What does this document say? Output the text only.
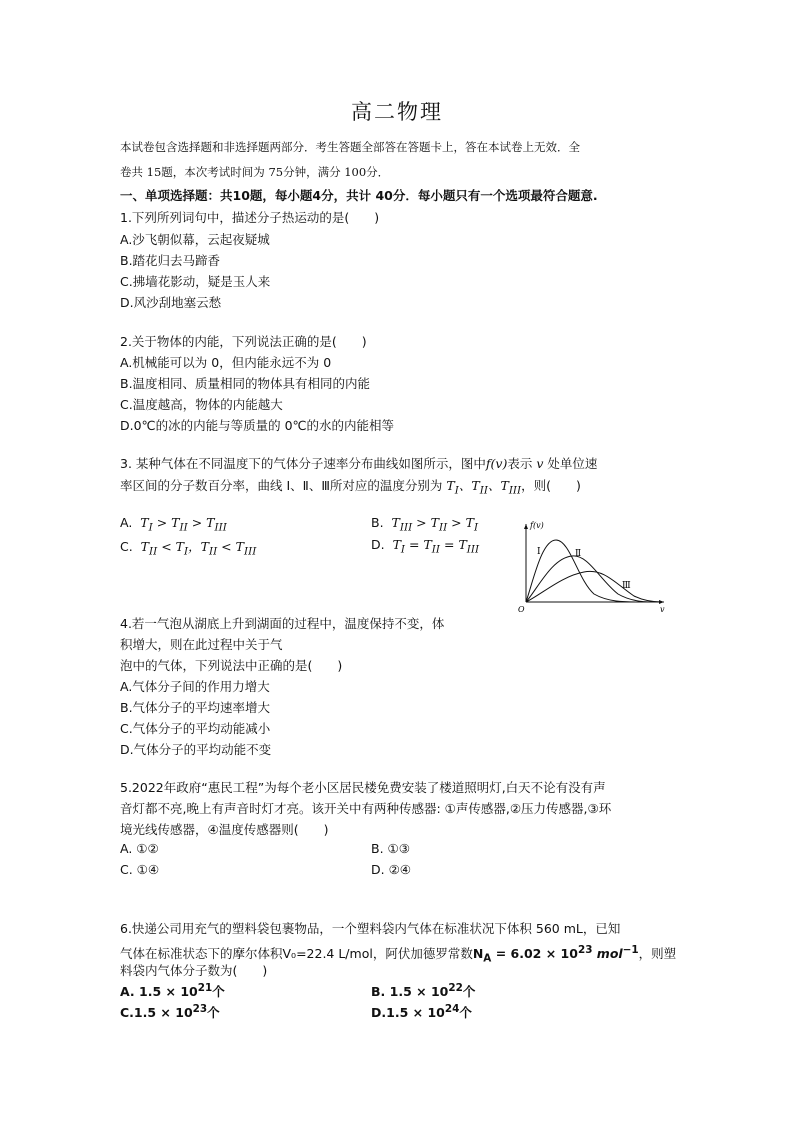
高二物理
本试卷包含选择题和非选择题两部分．考生答题全部答在答题卡上，答在本试卷上无效．全
卷共 15题，本次考试时间为 75分钟，满分 100分．
一、单项选择题：共10题，每小题4分，共计 40分．每小题只有一个选项最符合题意.
1.下列所列词句中，描述分子热运动的是(　　)
A.沙飞朝似幕，云起夜疑城
B.踏花归去马蹄香
C.拂墙花影动，疑是玉人来
D.风沙刮地塞云愁
2.关于物体的内能，下列说法正确的是(　　)
A.机械能可以为 0，但内能永远不为 0
B.温度相同、质量相同的物体具有相同的内能
C.温度越高，物体的内能越大
D.0℃的冰的内能与等质量的 0℃的水的内能相等
3. 某种气体在不同温度下的气体分子速率分布曲线如图所示，图中f(v)表示 v 处单位速
率区间的分子数百分率，曲线 I、Ⅱ、Ⅲ所对应的温度分别为 $T_I$、$T_{II}$、$T_{III}$，则(　　)
A. $T_I > T_{II} > T_{III}$	B. $T_{III} > T_{II} > T_I$
C. $T_{II} < T_I$，$T_{II} < T_{III}$	D. $T_I = T_{II} = T_{III}$
f(v)
v
O
I	Ⅱ
Ⅲ
4.若一气泡从湖底上升到湖面的过程中，温度保持不变，体
积增大，则在此过程中关于气
泡中的气体，下列说法中正确的是(　　)
A.气体分子间的作用力增大
B.气体分子的平均速率增大
C.气体分子的平均动能减小
D.气体分子的平均动能不变
5.2022年政府“惠民工程”为每个老小区居民楼免费安装了楼道照明灯,白天不论有没有声
音灯都不亮,晚上有声音时灯才亮。该开关中有两种传感器: ①声传感器,②压力传感器,③环
境光线传感器，④温度传感器则(　　)
A. ①②	B. ①③
C. ①④	D. ②④
6.快递公司用充气的塑料袋包裹物品，一个塑料袋内气体在标准状况下体积 560 mL，已知
气体在标准状态下的摩尔体积V₀=22.4 L/mol，阿伏加德罗常数$N_A = 6.02 \times 10^{23}$ mol$^{-1}$，则塑
料袋内气体分子数为(　　)
A. $1.5 \times 10^{21}$个	B. $1.5 \times 10^{22}$个
$C.1.5 \times 10^{23}$个	$D.1.5 \times 10^{24}$个
